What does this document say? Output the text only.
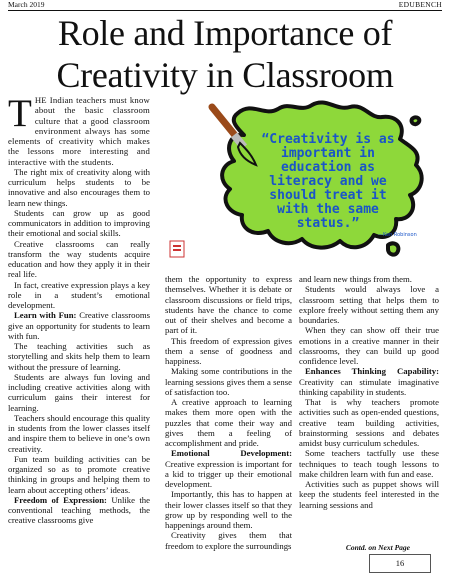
March 2019	EDUBENCH
Role and Importance of
Creativity in Classroom

THE Indian teachers must know about the basic classroom culture that a good classroom environment always has some elements of creativity which makes the lessons more interesting and interactive with the students.

The right mix of creativity along with curriculum helps students to be innovative and also encourages them to learn new things.

Students can grow up as good communicators in addition to improving their emotional and social skills.

Creative classrooms can really transform the way students acquire education and how they apply it in their real life.

In fact, creative expression plays a key role in a student’s emotional development.

Learn with Fun: Creative classrooms give an opportunity for students to learn with fun.

The teaching activities such as storytelling and skits help them to learn without the pressure of learning.

Students are always fun loving and including creative activities along with curriculum gains their interest for learning.

Teachers should encourage this quality in students from the lower classes itself and inspire them to believe in one’s own creativity.

Fun team building activities can be organized so as to promote creative thinking in groups and helping them to learn about accepting others’ ideas.

Freedom of Expression: Unlike the conventional teaching methods, the creative classrooms give

“Creativity is as
important in
education as
literacy and we
should treat it
with the same
status.”
—Ken Robinson

them the opportunity to express themselves. Whether it is debate or classroom discussions or field trips, students have the chance to come out of their shelves and become a part of it.

This freedom of expression gives them a sense of goodness and happiness.

Making some contributions in the learning sessions gives them a sense of satisfaction too.

A creative approach to learning makes them more open with the puzzles that come their way and gives them a feeling of accomplishment and pride.

Emotional Development: Creative expression is important for a kid to trigger up their emotional development.

Importantly, this has to happen at their lower classes itself so that they grow up by responding well to the happenings around them.

Creativity gives them that freedom to explore the surroundings

and learn new things from them.

Students would always love a classroom setting that helps them to explore freely without setting them any boundaries.

When they can show off their true emotions in a creative manner in their classrooms, they can build up good confidence level.

Enhances Thinking Capability: Creativity can stimulate imaginative thinking capability in students.

That is why teachers promote activities such as open-ended questions, creative team building activities, brainstorming sessions and debates amidst busy curriculum schedules.

Some teachers tactfully use these techniques to teach tough lessons to make children learn with fun and ease.

Activities such as puppet shows will keep the students feel interested in the learning sessions and

Contd. on Next Page
16
